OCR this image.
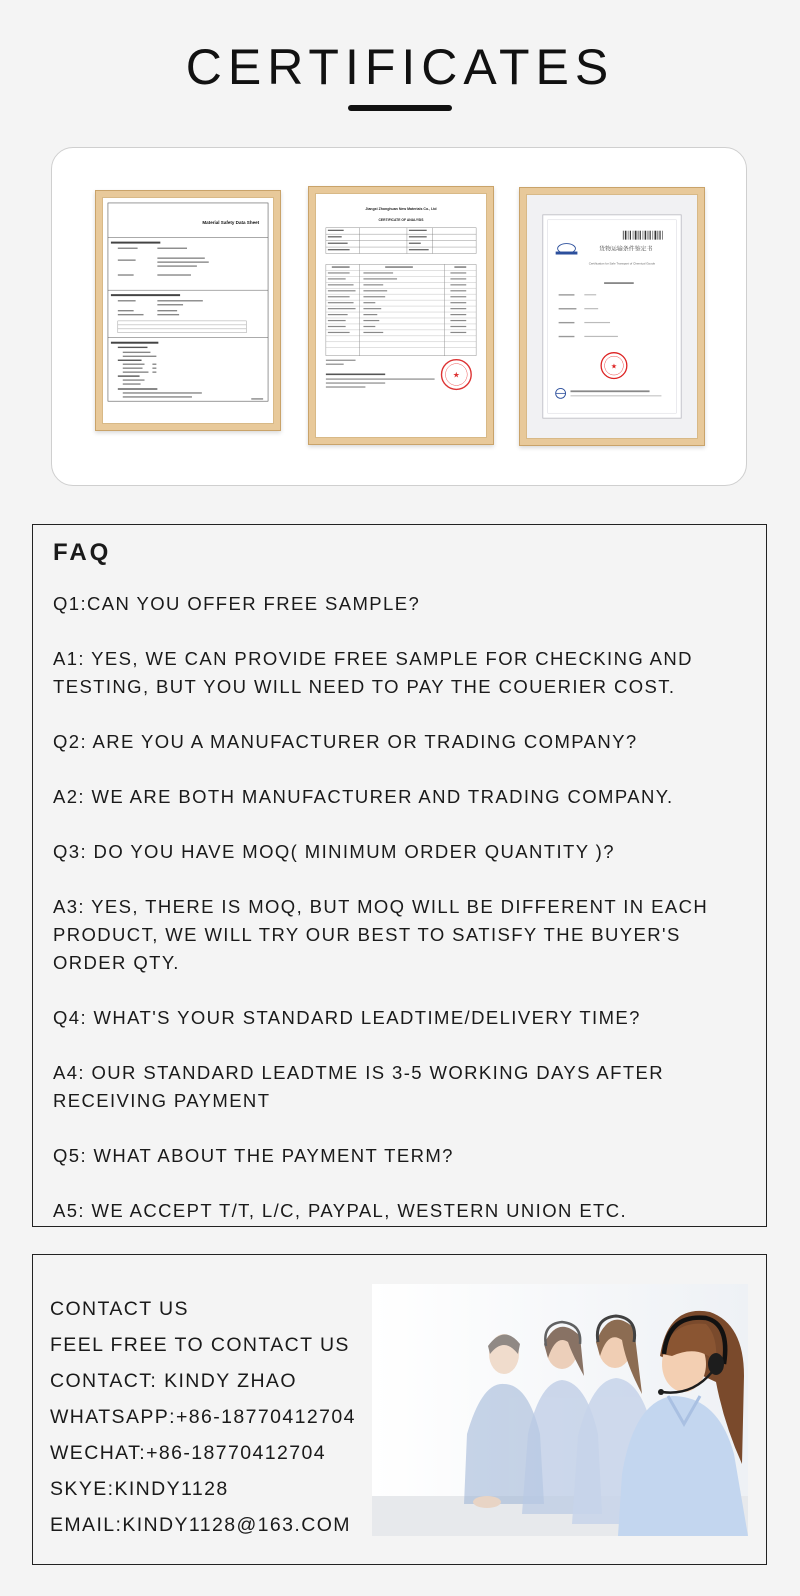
CERTIFICATES
Material Safety Data Sheet
Jiangxi Zhonghuan New Materials Co., Ltd
CERTIFICATE OF ANALYSIS
★
货物运输条件鉴定书
Certification for Safe Transport of Chemical Goods
★
FAQ

Q1:CAN YOU OFFER FREE SAMPLE?

A1: YES, WE CAN PROVIDE FREE SAMPLE FOR CHECKING AND TESTING, BUT YOU WILL NEED TO PAY THE COUERIER COST.

Q2: ARE YOU A MANUFACTURER OR TRADING COMPANY?

A2: WE ARE BOTH MANUFACTURER AND TRADING COMPANY.

Q3: DO YOU HAVE MOQ( MINIMUM ORDER QUANTITY )?

A3: YES, THERE IS MOQ, BUT MOQ WILL BE DIFFERENT IN EACH PRODUCT, WE WILL TRY OUR BEST TO SATISFY THE BUYER'S ORDER QTY.

Q4: WHAT'S YOUR STANDARD LEADTIME/DELIVERY TIME?

A4: OUR STANDARD LEADTME IS 3-5 WORKING DAYS AFTER RECEIVING PAYMENT

Q5: WHAT ABOUT THE PAYMENT TERM?

A5: WE ACCEPT T/T, L/C, PAYPAL, WESTERN UNION ETC.

CONTACT US

FEEL FREE TO CONTACT US

CONTACT: KINDY ZHAO

WHATSAPP:+86-18770412704

WECHAT:+86-18770412704

SKYE:KINDY1128

EMAIL:KINDY1128@163.COM
